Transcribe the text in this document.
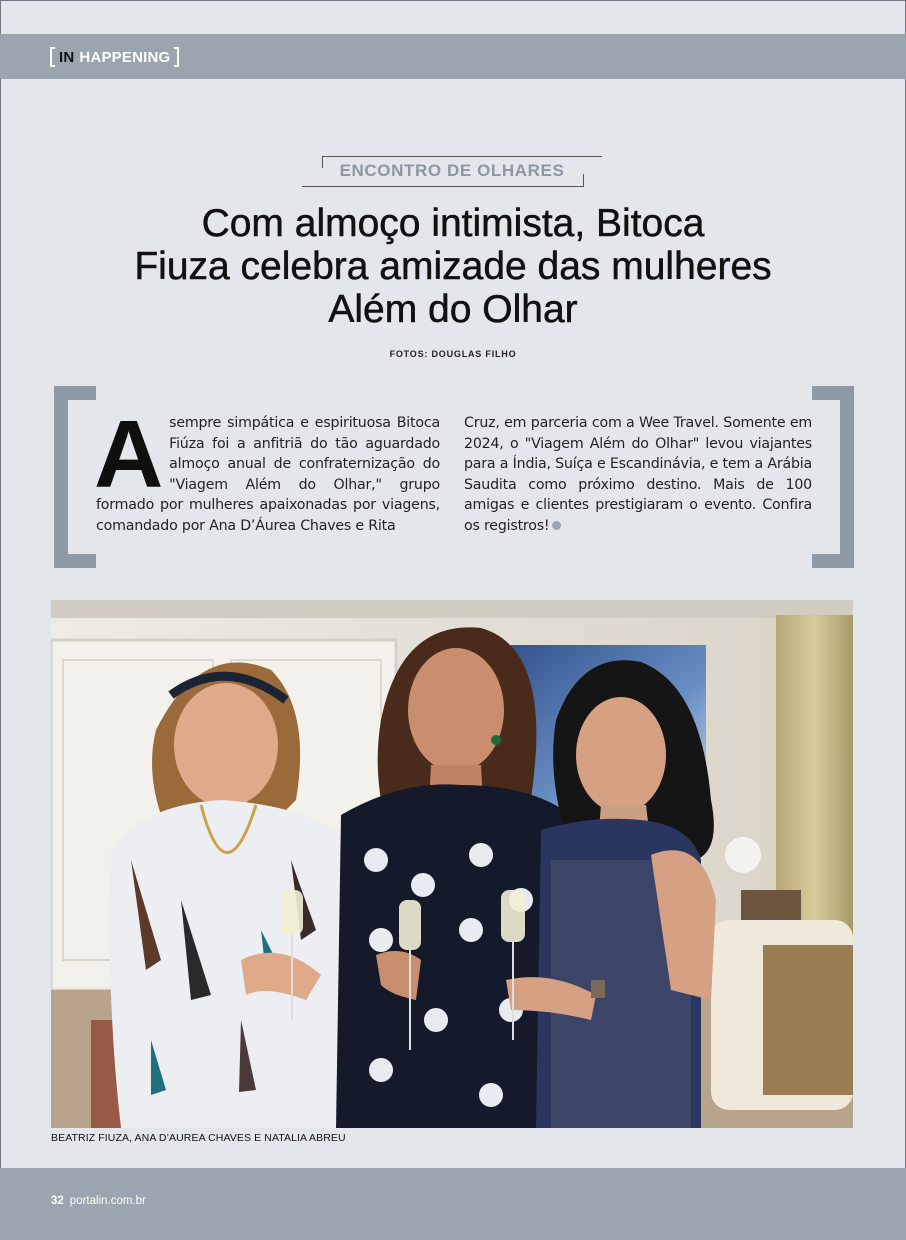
IN HAPPENING
ENCONTRO DE OLHARES
Com almoço intimista, Bitoca
Fiuza celebra amizade das mulheres
Além do Olhar
FOTOS: DOUGLAS FILHO
A sempre simpática e espirituosa Bitoca Fiúza foi a anfitriã do tão aguardado almoço anual de confraternização do "Viagem Além do Olhar," grupo formado por mulheres apaixonadas por viagens, comandado por Ana D’Áurea Chaves e Rita
Cruz, em parceria com a Wee Travel. Somente em 2024, o "Viagem Além do Olhar" levou viajantes para a Índia, Suíça e Escandinávia, e tem a Arábia Saudita como próximo destino. Mais de 100 amigas e clientes prestigiaram o evento. Confira os registros!
BEATRIZ FIUZA, ANA D’AUREA CHAVES E NATALIA ABREU
32 portalin.com.br
